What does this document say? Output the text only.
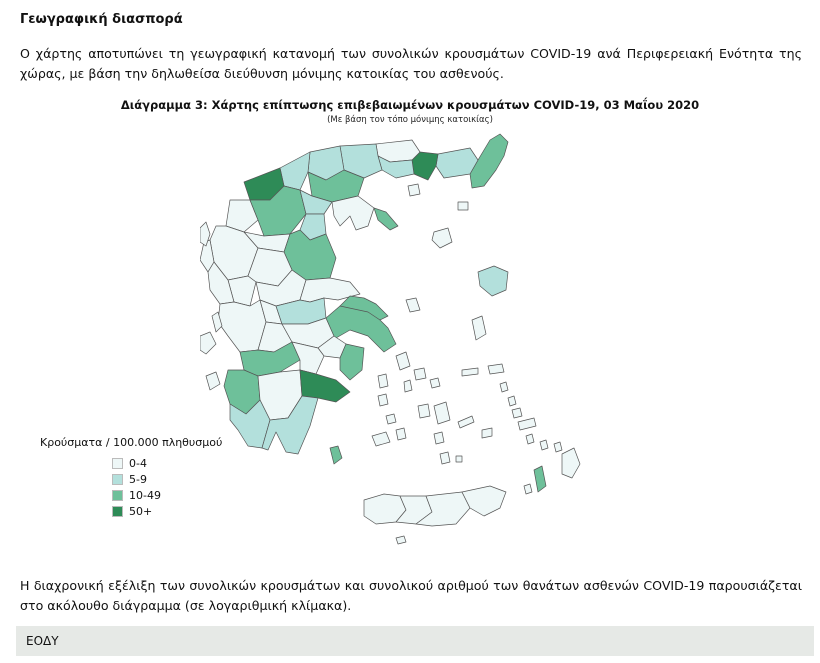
Γεωγραφική διασπορά
Ο χάρτης αποτυπώνει τη γεωγραφική κατανομή των συνολικών κρουσμάτων COVID-19 ανά Περιφερειακή Ενότητα της χώρας, με βάση την δηλωθείσα διεύθυνση μόνιμης κατοικίας του ασθενούς.
Διάγραμμα 3: Χάρτης επίπτωσης επιβεβαιωμένων κρουσμάτων COVID-19, 03 Μαΐου 2020
(Με βάση τον τόπο μόνιμης κατοικίας)
Κρούσματα / 100.000 πληθυσμού
0-4
5-9
10-49
50+
Η διαχρονική εξέλιξη των συνολικών κρουσμάτων και συνολικού αριθμού των θανάτων ασθενών COVID-19 παρουσιάζεται στο ακόλουθο διάγραμμα (σε λογαριθμική κλίμακα).
ΕΟΔΥ
